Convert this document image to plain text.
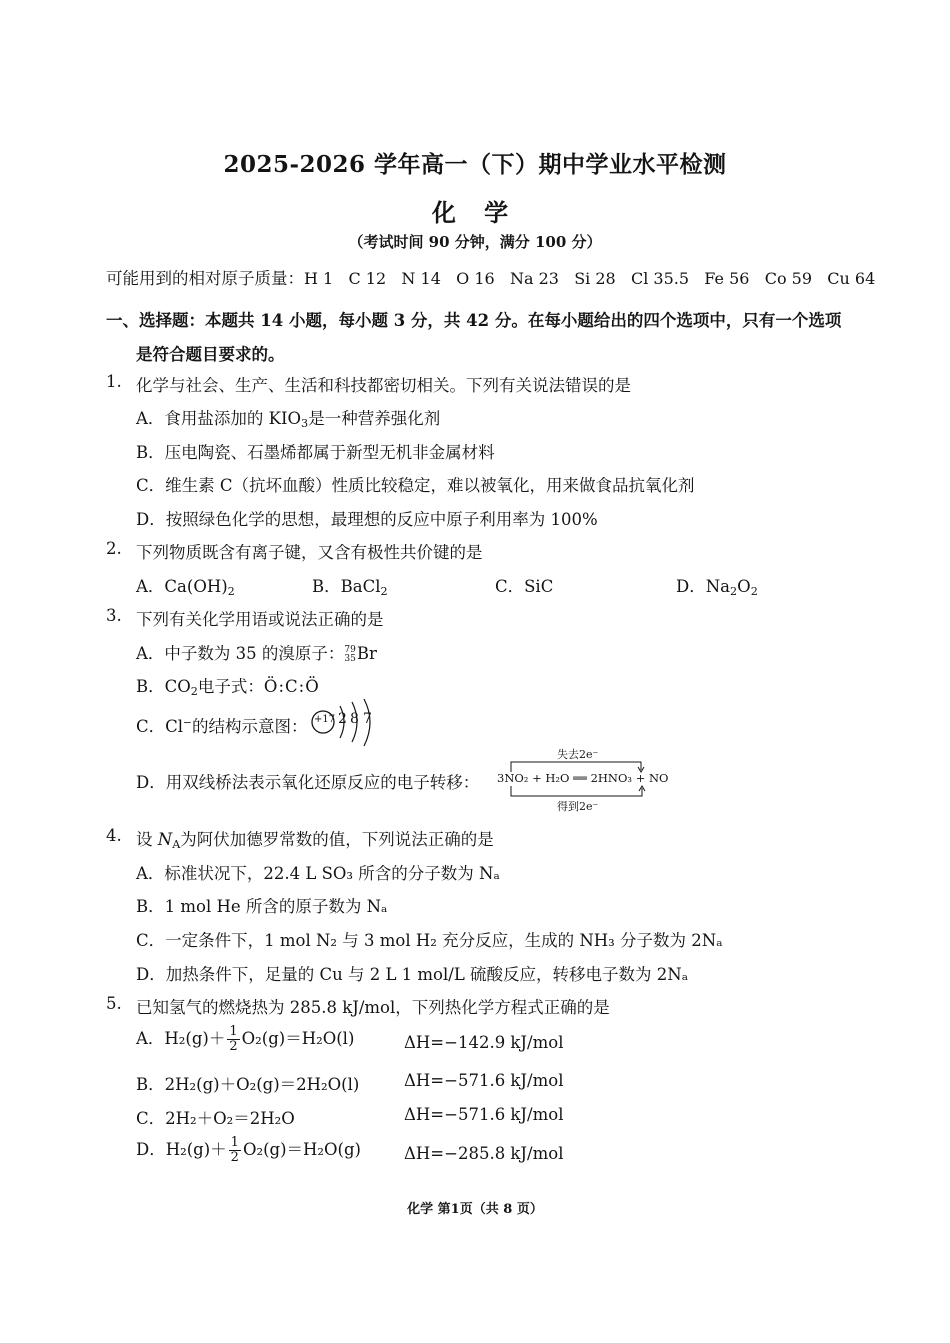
2025-2026 学年高一（下）期中学业水平检测
化 学
（考试时间 90 分钟，满分 100 分）
可能用到的相对原子质量：H 1   C 12   N 14   O 16   Na 23   Si 28   Cl 35.5   Fe 56   Co 59   Cu 64
一、选择题：本题共 14 小题，每小题 3 分，共 42 分。在每小题给出的四个选项中，只有一个选项
是符合题目要求的。
1. 化学与社会、生产、生活和科技都密切相关。下列有关说法错误的是
A．食用盐添加的 $KIO_3$是一种营养强化剂
B．压电陶瓷、石墨烯都属于新型无机非金属材料
C．维生素 C（抗坏血酸）性质比较稳定，难以被氧化，用来做食品抗氧化剂
D．按照绿色化学的思想，最理想的反应中原子利用率为 100%
2. 下列物质既含有离子键，又含有极性共价键的是
A．$Ca(OH)_2$	B．BaCl$_2$	C．SiC	D．$Na_2O_2$
3. 下列有关化学用语或说法正确的是
A．中子数为 35 的溴原子： 79
35 Br
B．$CO_2$电子式：Ö:C:Ö
C．Cl−的结构示意图： +17 2 8 7
D．用双线桥法表示氧化还原反应的电子转移：
失去2e⁻
3NO₂ + H₂O ══ 2HNO₃ + NO
得到2e⁻
4. 设 $N_A$为阿伏加德罗常数的值，下列说法正确的是
A．标准状况下，22.4 L SO₃ 所含的分子数为 Nₐ
B．1 mol He 所含的原子数为 Nₐ
C．一定条件下，1 mol N₂ 与 3 mol H₂ 充分反应，生成的 NH₃ 分子数为 2Nₐ
D．加热条件下，足量的 Cu 与 2 L 1 mol/L 硫酸反应，转移电子数为 2Nₐ
5. 已知氢气的燃烧热为 285.8 kJ/mol，下列热化学方程式正确的是
A．$H_2(g)+ \frac{1}{2} O_2(g)=H_2O(l)$	ΔH=−142.9 kJ/mol
B．2H₂(g)＋O₂(g)＝2H₂O(l)	ΔH=−571.6 kJ/mol
C．2H₂＋O₂＝2H₂O	ΔH=−571.6 kJ/mol
D．$H_2(g)+ \frac{1}{2} O_2(g)=H_2O(g)$	ΔH=−285.8 kJ/mol
化学 第1页（共 8 页）
